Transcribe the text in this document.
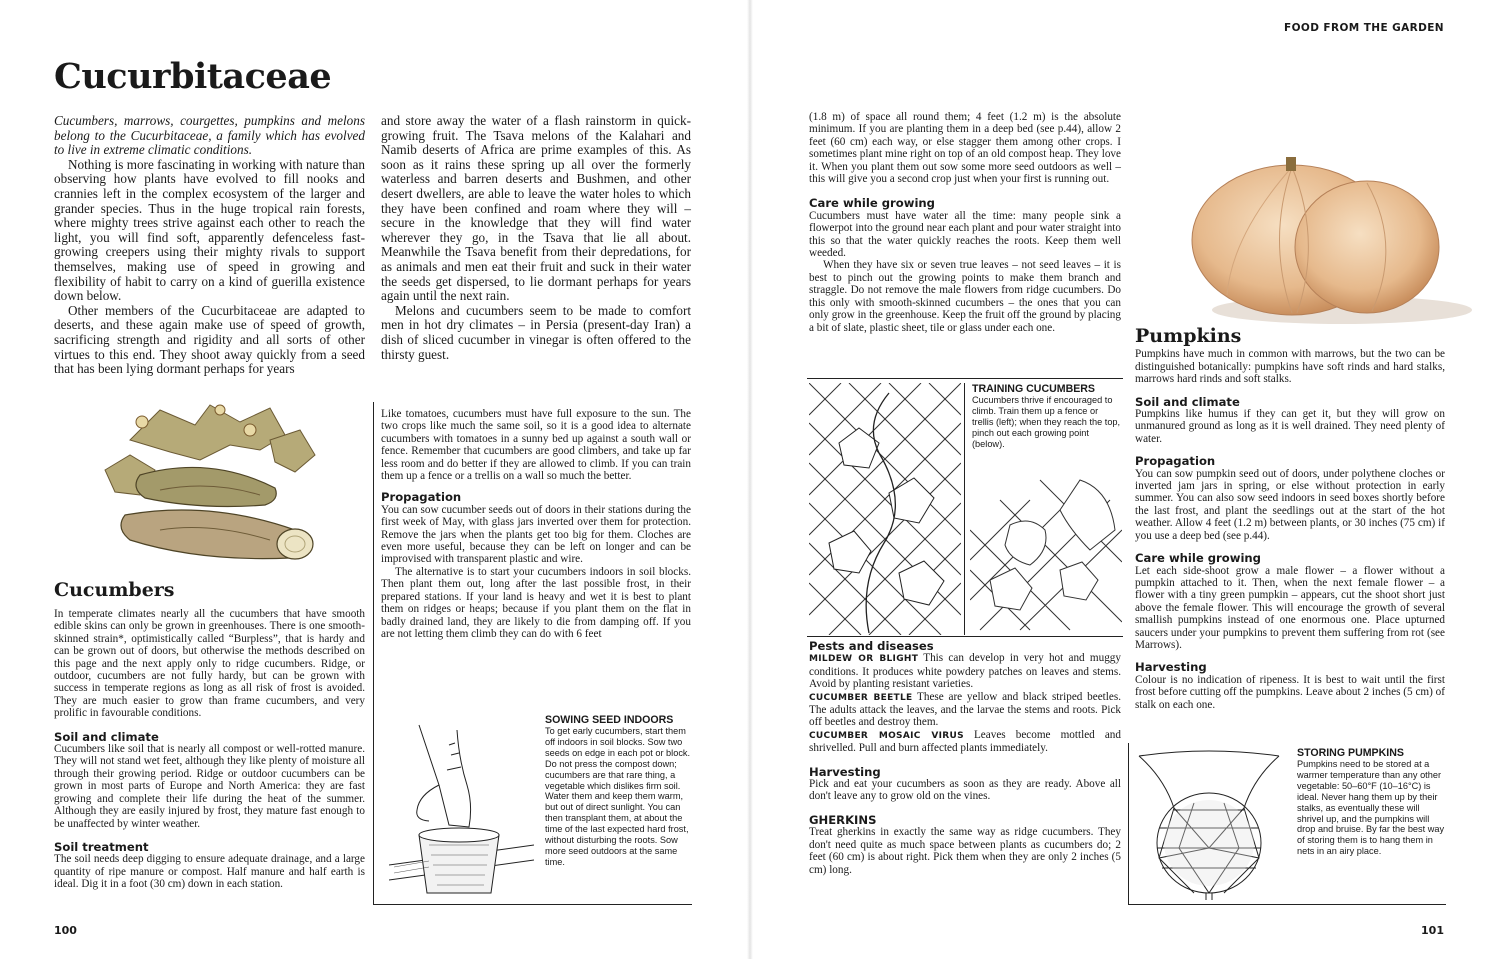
Cucurbitaceae

Cucumbers, marrows, courgettes, pumpkins and melons belong to the Cucurbitaceae, a family which has evolved to live in extreme climatic conditions.

Nothing is more fascinating in working with nature than observing how plants have evolved to fill nooks and crannies left in the complex ecosystem of the larger and grander species. Thus in the huge tropical rain forests, where mighty trees strive against each other to reach the light, you will find soft, apparently defenceless fast-growing creepers using their mighty rivals to support themselves, making use of speed in growing and flexibility of habit to carry on a kind of guerilla existence down below.

Other members of the Cucurbitaceae are adapted to deserts, and these again make use of speed of growth, sacrificing strength and rigidity and all sorts of other virtues to this end. They shoot away quickly from a seed that has been lying dormant perhaps for years

and store away the water of a flash rainstorm in quick-growing fruit. The Tsava melons of the Kalahari and Namib deserts of Africa are prime examples of this. As soon as it rains these spring up all over the formerly waterless and barren deserts and Bushmen, and other desert dwellers, are able to leave the water holes to which they have been confined and roam where they will – secure in the knowledge that they will find water wherever they go, in the Tsava that lie all about. Meanwhile the Tsava benefit from their depredations, for as animals and men eat their fruit and suck in their water the seeds get dispersed, to lie dormant perhaps for years again until the next rain.

Melons and cucumbers seem to be made to comfort men in hot dry climates – in Persia (present-day Iran) a dish of sliced cucumber in vinegar is often offered to the thirsty guest.

Cucumbers

In temperate climates nearly all the cucumbers that have smooth edible skins can only be grown in greenhouses. There is one smooth-skinned strain*, optimistically called “Burpless”, that is hardy and can be grown out of doors, but otherwise the methods described on this page and the next apply only to ridge cucumbers. Ridge, or outdoor, cucumbers are not fully hardy, but can be grown with success in temperate regions as long as all risk of frost is avoided. They are much easier to grow than frame cucumbers, and very prolific in favourable conditions.

Soil and climate

Cucumbers like soil that is nearly all compost or well-rotted manure. They will not stand wet feet, although they like plenty of moisture all through their growing period. Ridge or outdoor cucumbers can be grown in most parts of Europe and North America: they are fast growing and complete their life during the heat of the summer. Although they are easily injured by frost, they mature fast enough to be unaffected by winter weather.

Soil treatment

The soil needs deep digging to ensure adequate drainage, and a large quantity of ripe manure or compost. Half manure and half earth is ideal. Dig it in a foot (30 cm) down in each station.

Like tomatoes, cucumbers must have full exposure to the sun. The two crops like much the same soil, so it is a good idea to alternate cucumbers with tomatoes in a sunny bed up against a south wall or fence. Remember that cucumbers are good climbers, and take up far less room and do better if they are allowed to climb. If you can train them up a fence or a trellis on a wall so much the better.

Propagation

You can sow cucumber seeds out of doors in their stations during the first week of May, with glass jars inverted over them for protection. Remove the jars when the plants get too big for them. Cloches are even more useful, because they can be left on longer and can be improvised with transparent plastic and wire.

The alternative is to start your cucumbers indoors in soil blocks. Then plant them out, long after the last possible frost, in their prepared stations. If your land is heavy and wet it is best to plant them on ridges or heaps; because if you plant them on the flat in badly drained land, they are likely to die from damping off. If you are not letting them climb they can do with 6 feet

SOWING SEED INDOORS

To get early cucumbers, start them off indoors in soil blocks. Sow two seeds on edge in each pot or block. Do not press the compost down; cucumbers are that rare thing, a vegetable which dislikes firm soil. Water them and keep them warm, but out of direct sunlight. You can then transplant them, at about the time of the last expected hard frost, without disturbing the roots. Sow more seed outdoors at the same time.

100
FOOD FROM THE GARDEN

(1.8 m) of space all round them; 4 feet (1.2 m) is the absolute minimum. If you are planting them in a deep bed (see p.44), allow 2 feet (60 cm) each way, or else stagger them among other crops. I sometimes plant mine right on top of an old compost heap. They love it. When you plant them out sow some more seed outdoors as well – this will give you a second crop just when your first is running out.

Care while growing

Cucumbers must have water all the time: many people sink a flowerpot into the ground near each plant and pour water straight into this so that the water quickly reaches the roots. Keep them well weeded.

When they have six or seven true leaves – not seed leaves – it is best to pinch out the growing points to make them branch and straggle. Do not remove the male flowers from ridge cucumbers. Do this only with smooth-skinned cucumbers – the ones that you can only grow in the greenhouse. Keep the fruit off the ground by placing a bit of slate, plastic sheet, tile or glass under each one.

TRAINING CUCUMBERS

Cucumbers thrive if encouraged to climb. Train them up a fence or trellis (left); when they reach the top, pinch out each growing point (below).

Pests and diseases

MILDEW OR BLIGHT This can develop in very hot and muggy conditions. It produces white powdery patches on leaves and stems. Avoid by planting resistant varieties.

CUCUMBER BEETLE These are yellow and black striped beetles. The adults attack the leaves, and the larvae the stems and roots. Pick off beetles and destroy them.

CUCUMBER MOSAIC VIRUS Leaves become mottled and shrivelled. Pull and burn affected plants immediately.

Harvesting

Pick and eat your cucumbers as soon as they are ready. Above all don't leave any to grow old on the vines.

GHERKINS

Treat gherkins in exactly the same way as ridge cucumbers. They don't need quite as much space between plants as cucumbers do; 2 feet (60 cm) is about right. Pick them when they are only 2 inches (5 cm) long.

Pumpkins

Pumpkins have much in common with marrows, but the two can be distinguished botanically: pumpkins have soft rinds and hard stalks, marrows hard rinds and soft stalks.

Soil and climate

Pumpkins like humus if they can get it, but they will grow on unmanured ground as long as it is well drained. They need plenty of water.

Propagation

You can sow pumpkin seed out of doors, under polythene cloches or inverted jam jars in spring, or else without protection in early summer. You can also sow seed indoors in seed boxes shortly before the last frost, and plant the seedlings out at the start of the hot weather. Allow 4 feet (1.2 m) between plants, or 30 inches (75 cm) if you use a deep bed (see p.44).

Care while growing

Let each side-shoot grow a male flower – a flower without a pumpkin attached to it. Then, when the next female flower – a flower with a tiny green pumpkin – appears, cut the shoot short just above the female flower. This will encourage the growth of several smallish pumpkins instead of one enormous one. Place upturned saucers under your pumpkins to prevent them suffering from rot (see Marrows).

Harvesting

Colour is no indication of ripeness. It is best to wait until the first frost before cutting off the pumpkins. Leave about 2 inches (5 cm) of stalk on each one.

STORING PUMPKINS

Pumpkins need to be stored at a warmer temperature than any other vegetable: 50–60°F (10–16°C) is ideal. Never hang them up by their stalks, as eventually these will shrivel up, and the pumpkins will drop and bruise. By far the best way of storing them is to hang them in nets in an airy place.

101
